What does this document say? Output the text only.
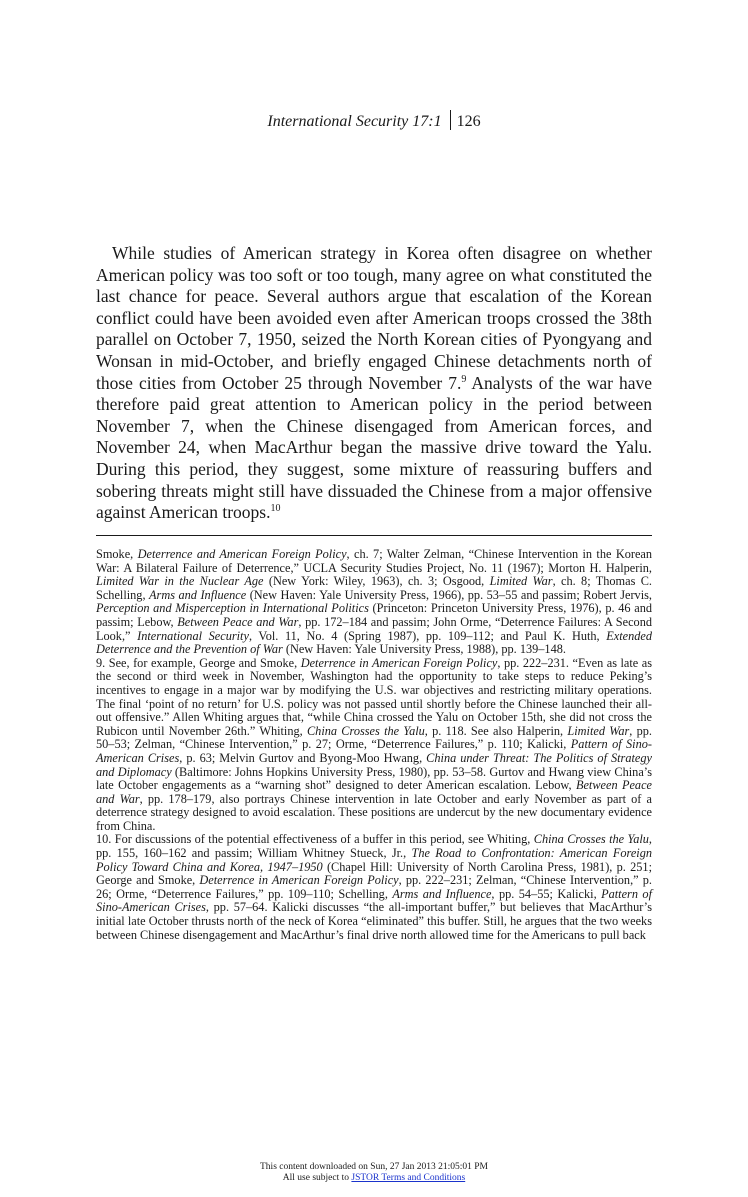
International Security 17:1 126
While studies of American strategy in Korea often disagree on whether American policy was too soft or too tough, many agree on what constituted the last chance for peace. Several authors argue that escalation of the Korean conflict could have been avoided even after American troops crossed the 38th parallel on October 7, 1950, seized the North Korean cities of Pyongyang and Wonsan in mid-October, and briefly engaged Chinese detachments north of those cities from October 25 through November 7.$^9$ Analysts of the war have therefore paid great attention to American policy in the period between November 7, when the Chinese disengaged from American forces, and November 24, when MacArthur began the massive drive toward the Yalu. During this period, they suggest, some mixture of reassuring buffers and sobering threats might still have dissuaded the Chinese from a major offensive against American troops.$^{10}$

Smoke, Deterrence and American Foreign Policy, ch. 7; Walter Zelman, “Chinese Intervention in the Korean War: A Bilateral Failure of Deterrence,” UCLA Security Studies Project, No. 11 (1967); Morton H. Halperin, Limited War in the Nuclear Age (New York: Wiley, 1963), ch. 3; Osgood, Limited War, ch. 8; Thomas C. Schelling, Arms and Influence (New Haven: Yale University Press, 1966), pp. 53–55 and passim; Robert Jervis, Perception and Misperception in International Politics (Princeton: Princeton University Press, 1976), p. 46 and passim; Lebow, Between Peace and War, pp. 172–184 and passim; John Orme, “Deterrence Failures: A Second Look,” International Security, Vol. 11, No. 4 (Spring 1987), pp. 109–112; and Paul K. Huth, Extended Deterrence and the Prevention of War (New Haven: Yale University Press, 1988), pp. 139–148.

9. See, for example, George and Smoke, Deterrence in American Foreign Policy, pp. 222–231. “Even as late as the second or third week in November, Washington had the opportunity to take steps to reduce Peking’s incentives to engage in a major war by modifying the U.S. war objectives and restricting military operations. The final ‘point of no return’ for U.S. policy was not passed until shortly before the Chinese launched their all-out offensive.” Allen Whiting argues that, “while China crossed the Yalu on October 15th, she did not cross the Rubicon until November 26th.” Whiting, China Crosses the Yalu, p. 118. See also Halperin, Limited War, pp. 50–53; Zelman, “Chinese Intervention,” p. 27; Orme, “Deterrence Failures,” p. 110; Kalicki, Pattern of Sino-American Crises, p. 63; Melvin Gurtov and Byong-Moo Hwang, China under Threat: The Politics of Strategy and Diplomacy (Baltimore: Johns Hopkins University Press, 1980), pp. 53–58. Gurtov and Hwang view China’s late October engagements as a “warning shot” designed to deter American escalation. Lebow, Between Peace and War, pp. 178–179, also portrays Chinese intervention in late October and early November as part of a deterrence strategy designed to avoid escalation. These positions are undercut by the new documentary evidence from China.

10. For discussions of the potential effectiveness of a buffer in this period, see Whiting, China Crosses the Yalu, pp. 155, 160–162 and passim; William Whitney Stueck, Jr., The Road to Confrontation: American Foreign Policy Toward China and Korea, 1947–1950 (Chapel Hill: University of North Carolina Press, 1981), p. 251; George and Smoke, Deterrence in American Foreign Policy, pp. 222–231; Zelman, “Chinese Intervention,” p. 26; Orme, “Deterrence Failures,” pp. 109–110; Schelling, Arms and Influence, pp. 54–55; Kalicki, Pattern of Sino-American Crises, pp. 57–64. Kalicki discusses “the all-important buffer,” but believes that MacArthur’s initial late October thrusts north of the neck of Korea “eliminated” this buffer. Still, he argues that the two weeks between Chinese disengagement and MacArthur’s final drive north allowed time for the Americans to pull back

This content downloaded on Sun, 27 Jan 2013 21:05:01 PM
All use subject to JSTOR Terms and Conditions
